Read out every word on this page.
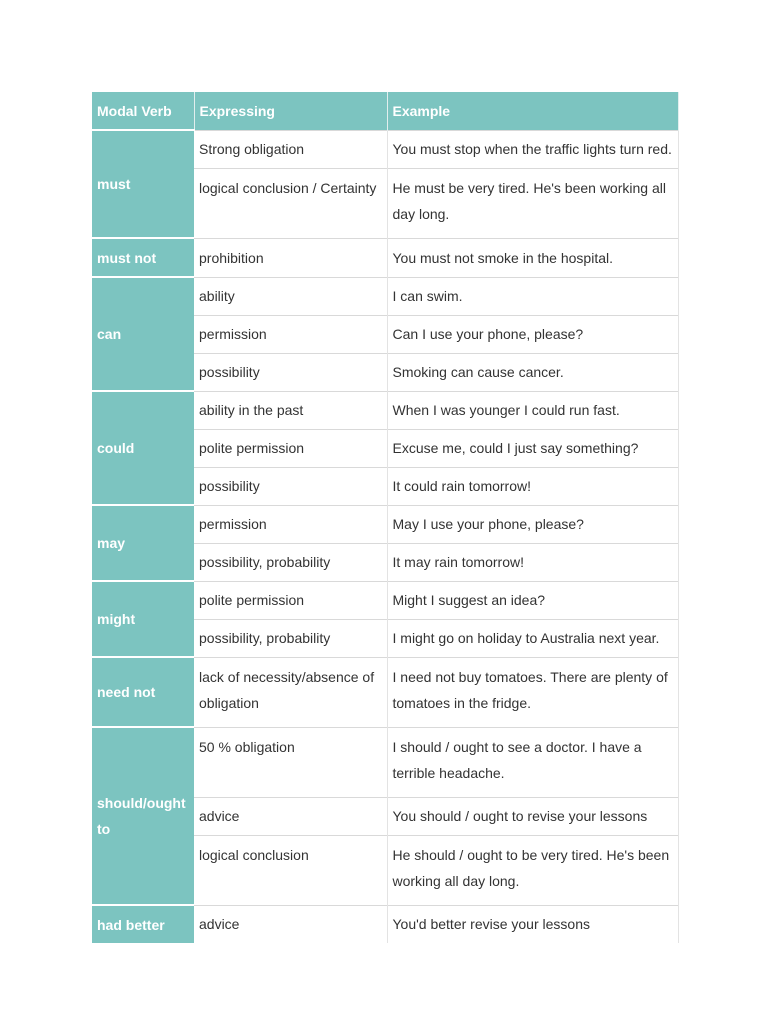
Modal Verb	Expressing	Example
must	Strong obligation	You must stop when the traffic lights turn red.
	logical conclusion / Certainty	He must be very tired. He's been working all day long.
must not	prohibition	You must not smoke in the hospital.
can	ability	I can swim.
	permission	Can I use your phone, please?
	possibility	Smoking can cause cancer.
could	ability in the past	When I was younger I could run fast.
	polite permission	Excuse me, could I just say something?
	possibility	It could rain tomorrow!
may	permission	May I use your phone, please?
	possibility, probability	It may rain tomorrow!
might	polite permission	Might I suggest an idea?
	possibility, probability	I might go on holiday to Australia next year.
need not	lack of necessity/absence of obligation	I need not buy tomatoes. There are plenty of tomatoes in the fridge.
should/ought to	50 % obligation	I should / ought to see a doctor. I have a terrible headache.
	advice	You should / ought to revise your lessons
	logical conclusion	He should / ought to be very tired. He's been working all day long.
had better	advice	You'd better revise your lessons
